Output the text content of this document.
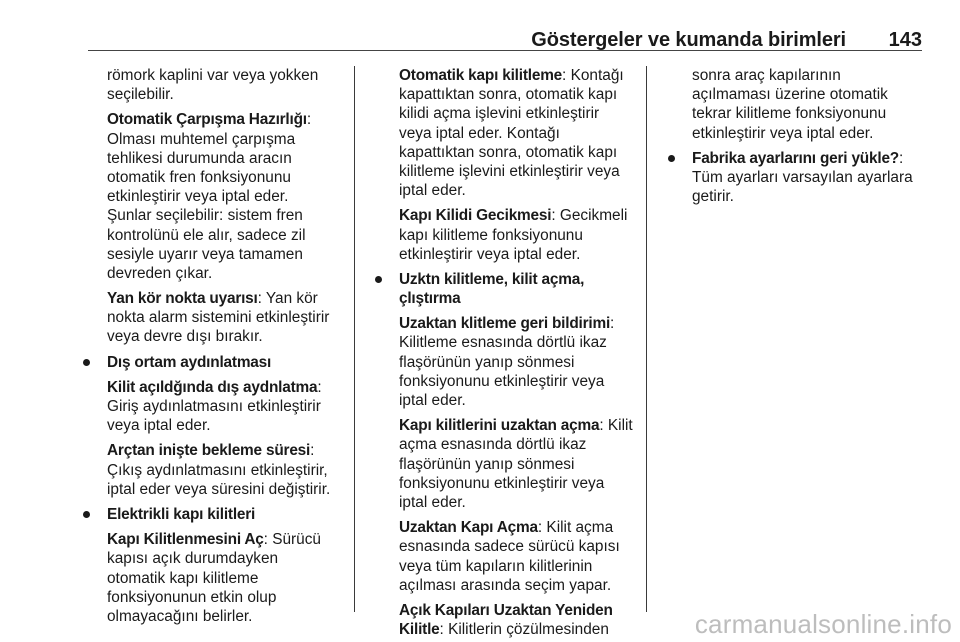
Göstergeler ve kumanda birimleri 143
römork kaplini var veya yokken
seçilebilir.
Otomatik Çarpışma Hazırlığı:
Olması muhtemel çarpışma
tehlikesi durumunda aracın
otomatik fren fonksiyonunu
etkinleştirir veya iptal eder.
Şunlar seçilebilir: sistem fren
kontrolünü ele alır, sadece zil
sesiyle uyarır veya tamamen
devreden çıkar.
Yan kör nokta uyarısı: Yan kör
nokta alarm sistemini etkinleştirir
veya devre dışı bırakır.
Dış ortam aydınlatması
Kilit açıldğında dış aydnlatma:
Giriş aydınlatmasını etkinleştirir
veya iptal eder.
Arçtan inişte bekleme süresi:
Çıkış aydınlatmasını etkinleştirir,
iptal eder veya süresini değiştirir.
Elektrikli kapı kilitleri
Kapı Kilitlenmesini Aç: Sürücü
kapısı açık durumdayken
otomatik kapı kilitleme
fonksiyonunun etkin olup
olmayacağını belirler.
Otomatik kapı kilitleme: Kontağı
kapattıktan sonra, otomatik kapı
kilidi açma işlevini etkinleştirir
veya iptal eder. Kontağı
kapattıktan sonra, otomatik kapı
kilitleme işlevini etkinleştirir veya
iptal eder.
Kapı Kilidi Gecikmesi: Gecikmeli
kapı kilitleme fonksiyonunu
etkinleştirir veya iptal eder.
Uzktn kilitleme, kilit açma,
çlıştırma
Uzaktan klitleme geri bildirimi:
Kilitleme esnasında dörtlü ikaz
flaşörünün yanıp sönmesi
fonksiyonunu etkinleştirir veya
iptal eder.
Kapı kilitlerini uzaktan açma: Kilit
açma esnasında dörtlü ikaz
flaşörünün yanıp sönmesi
fonksiyonunu etkinleştirir veya
iptal eder.
Uzaktan Kapı Açma: Kilit açma
esnasında sadece sürücü kapısı
veya tüm kapıların kilitlerinin
açılması arasında seçim yapar.
Açık Kapıları Uzaktan Yeniden
Kilitle: Kilitlerin çözülmesinden
sonra araç kapılarının
açılmaması üzerine otomatik
tekrar kilitleme fonksiyonunu
etkinleştirir veya iptal eder.
Fabrika ayarlarını geri yükle?:
Tüm ayarları varsayılan ayarlara
getirir.
carmanualsonline.info
